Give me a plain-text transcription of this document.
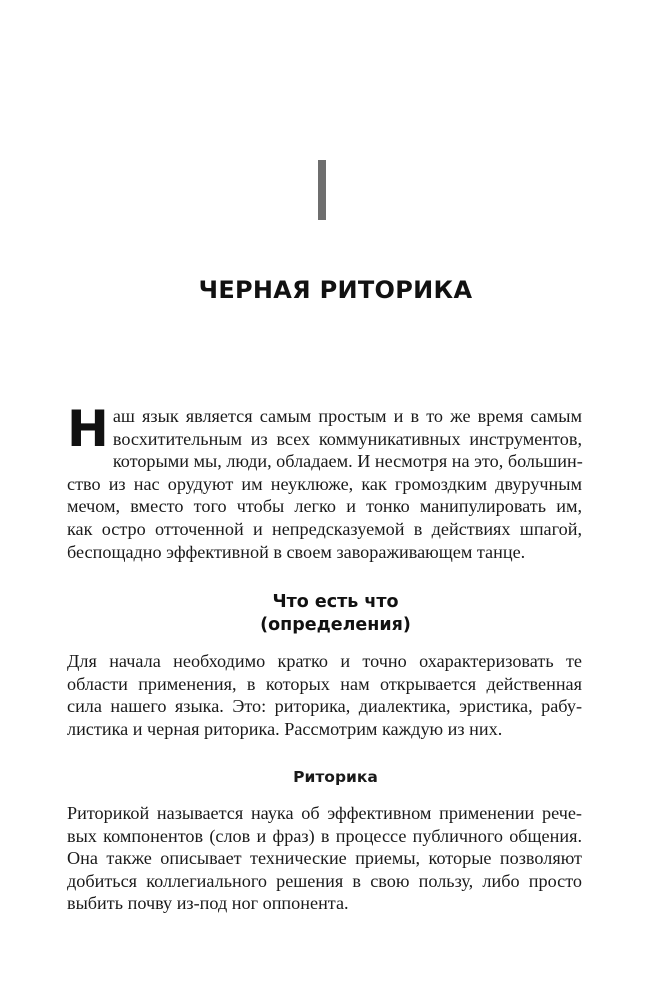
ЧЕРНАЯ РИТОРИКА
Н аш язык является самым простым и в то же время самым
восхитительным из всех коммуникативных инструментов,
которыми мы, люди, обладаем. И несмотря на это, большин-
ство из нас орудуют им неуклюже, как громоздким двуручным
мечом, вместо того чтобы легко и тонко манипулировать им,
как остро отточенной и непредсказуемой в действиях шпагой,
беспощадно эффективной в своем завораживающем танце.
Что есть что
(определения)
Для начала необходимо кратко и точно охарактеризовать те
области применения, в которых нам открывается действенная
сила нашего языка. Это: риторика, диалектика, эристика, рабу-
листика и черная риторика. Рассмотрим каждую из них.
Риторика
Риторикой называется наука об эффективном применении рече-
вых компонентов (слов и фраз) в процессе публичного общения.
Она также описывает технические приемы, которые позволяют
добиться коллегиального решения в свою пользу, либо просто
выбить почву из-под ног оппонента.
